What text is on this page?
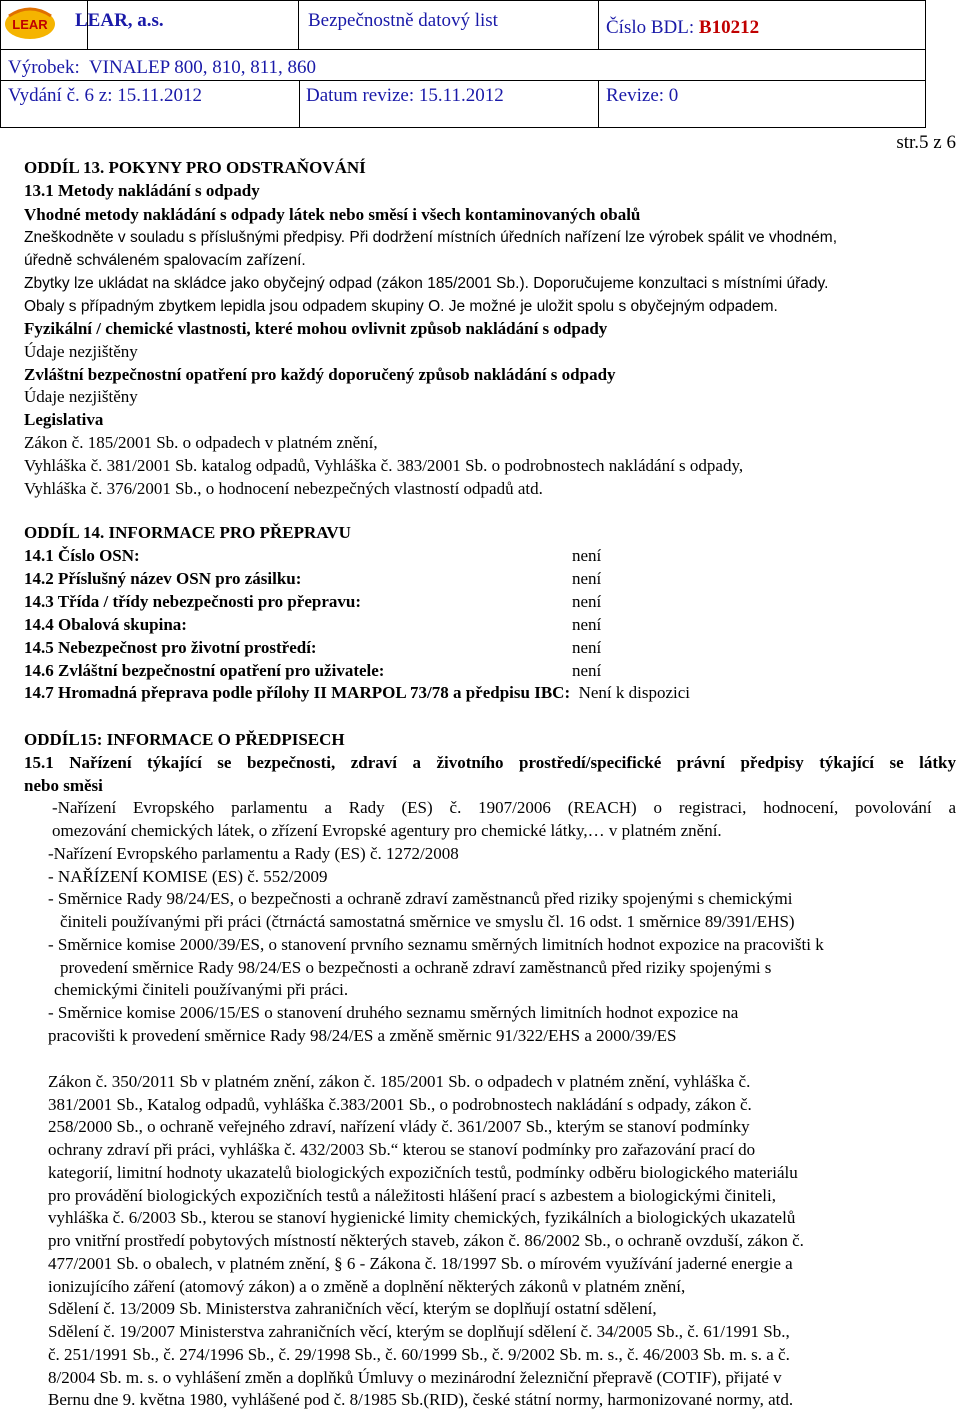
LEAR LEAR, a.s.	Bezpečnostně datový list	Číslo BDL: B10212
Výrobek: VINALEP 800, 810, 811, 860
Vydání č. 6 z: 15.11.2012	Datum revize: 15.11.2012	Revize: 0
str.5 z 6
ODDÍL 13. POKYNY PRO ODSTRAŇOVÁNÍ
13.1 Metody nakládání s odpady
Vhodné metody nakládání s odpady látek nebo směsí i všech kontaminovaných obalů
Zneškodněte v souladu s příslušnými předpisy. Při dodržení místních úředních nařízení lze výrobek spálit ve vhodném,
úředně schváleném spalovacím zařízení.
Zbytky lze ukládat na skládce jako obyčejný odpad (zákon 185/2001 Sb.). Doporučujeme konzultaci s místními úřady.
Obaly s případným zbytkem lepidla jsou odpadem skupiny O. Je možné je uložit spolu s obyčejným odpadem.
Fyzikální / chemické vlastnosti, které mohou ovlivnit způsob nakládání s odpady
Údaje nezjištěny
Zvláštní bezpečnostní opatření pro každý doporučený způsob nakládání s odpady
Údaje nezjištěny
Legislativa
Zákon č. 185/2001 Sb. o odpadech v platném znění,
Vyhláška č. 381/2001 Sb. katalog odpadů, Vyhláška č. 383/2001 Sb. o podrobnostech nakládání s odpady,
Vyhláška č. 376/2001 Sb., o hodnocení nebezpečných vlastností odpadů atd.
ODDÍL 14. INFORMACE PRO PŘEPRAVU
14.1 Číslo OSN:	není
14.2 Příslušný název OSN pro zásilku:	není
14.3 Třída / třídy nebezpečnosti pro přepravu:	není
14.4 Obalová skupina:	není
14.5 Nebezpečnost pro životní prostředí:	není
14.6 Zvláštní bezpečnostní opatření pro uživatele:	není
14.7 Hromadná přeprava podle přílohy II MARPOL 73/78 a předpisu IBC: Není k dispozici
ODDÍL15: INFORMACE O PŘEDPISECH
15.1 Nařízení týkající se bezpečnosti, zdraví a životního prostředí/specifické právní předpisy týkající se látky
nebo směsi
-Nařízení Evropského parlamentu a Rady (ES) č. 1907/2006 (REACH) o registraci, hodnocení, povolování a
omezování chemických látek, o zřízení Evropské agentury pro chemické látky,… v platném znění.
-Nařízení Evropského parlamentu a Rady (ES) č. 1272/2008
- NAŘÍZENÍ KOMISE (ES) č. 552/2009
- Směrnice Rady 98/24/ES, o bezpečnosti a ochraně zdraví zaměstnanců před riziky spojenými s chemickými
činiteli používanými při práci (čtrnáctá samostatná směrnice ve smyslu čl. 16 odst. 1 směrnice 89/391/EHS)
- Směrnice komise 2000/39/ES, o stanovení prvního seznamu směrných limitních hodnot expozice na pracovišti k
provedení směrnice Rady 98/24/ES o bezpečnosti a ochraně zdraví zaměstnanců před riziky spojenými s
chemickými činiteli používanými při práci.
- Směrnice komise 2006/15/ES o stanovení druhého seznamu směrných limitních hodnot expozice na
pracovišti k provedení směrnice Rady 98/24/ES a změně směrnic 91/322/EHS a 2000/39/ES
Zákon č. 350/2011 Sb v platném znění, zákon č. 185/2001 Sb. o odpadech v platném znění, vyhláška č.
381/2001 Sb., Katalog odpadů, vyhláška č.383/2001 Sb., o podrobnostech nakládání s odpady, zákon č.
258/2000 Sb., o ochraně veřejného zdraví, nařízení vlády č. 361/2007 Sb., kterým se stanoví podmínky
ochrany zdraví při práci, vyhláška č. 432/2003 Sb.“ kterou se stanoví podmínky pro zařazování prací do
kategorií, limitní hodnoty ukazatelů biologických expozičních testů, podmínky odběru biologického materiálu
pro provádění biologických expozičních testů a náležitosti hlášení prací s azbestem a biologickými činiteli,
vyhláška č. 6/2003 Sb., kterou se stanoví hygienické limity chemických, fyzikálních a biologických ukazatelů
pro vnitřní prostředí pobytových místností některých staveb, zákon č. 86/2002 Sb., o ochraně ovzduší, zákon č.
477/2001 Sb. o obalech, v platném znění, § 6 - Zákona č. 18/1997 Sb. o mírovém využívání jaderné energie a
ionizujícího záření (atomový zákon) a o změně a doplnění některých zákonů v platném znění,
Sdělení č. 13/2009 Sb. Ministerstva zahraničních věcí, kterým se doplňují ostatní sdělení,
Sdělení č. 19/2007 Ministerstva zahraničních věcí, kterým se doplňují sdělení č. 34/2005 Sb., č. 61/1991 Sb.,
č. 251/1991 Sb., č. 274/1996 Sb., č. 29/1998 Sb., č. 60/1999 Sb., č. 9/2002 Sb. m. s., č. 46/2003 Sb. m. s. a č.
8/2004 Sb. m. s. o vyhlášení změn a doplňků Úmluvy o mezinárodní železniční přepravě (COTIF), přijaté v
Bernu dne 9. května 1980, vyhlášené pod č. 8/1985 Sb.(RID), české státní normy, harmonizované normy, atd.
